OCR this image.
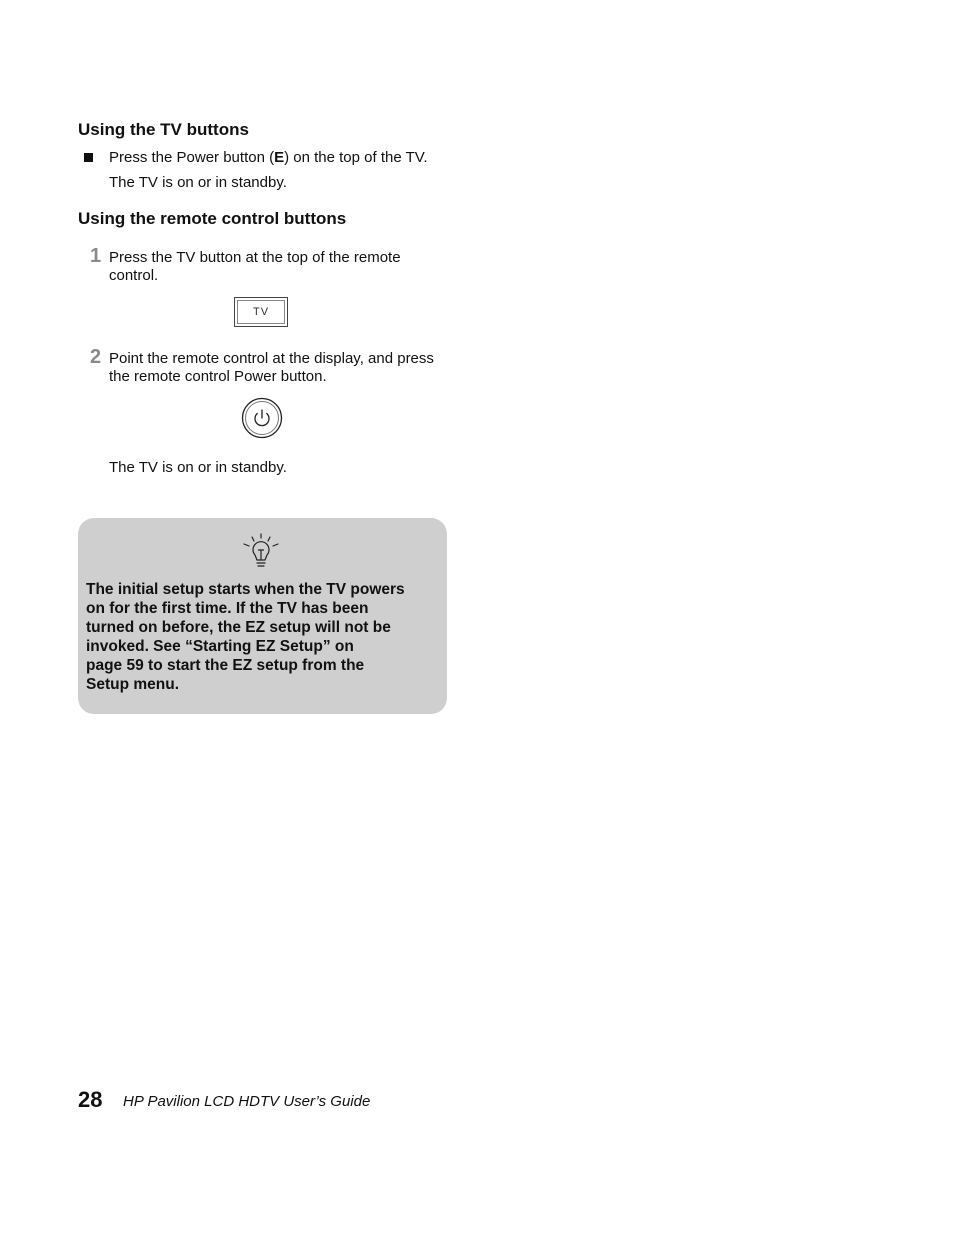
Using the TV buttons

Press the Power button (E) on the top of the TV.

The TV is on or in standby.

Using the remote control buttons
1 Press the TV button at the top of the remote
control.

TV
2 Point the remote control at the display, and press
the remote control Power button.

The TV is on or in standby.

The initial setup starts when the TV powers
on for the first time. If the TV has been
turned on before, the EZ setup will not be
invoked. See “Starting EZ Setup” on
page 59 to start the EZ setup from the
Setup menu.
28 HP Pavilion LCD HDTV User’s Guide
